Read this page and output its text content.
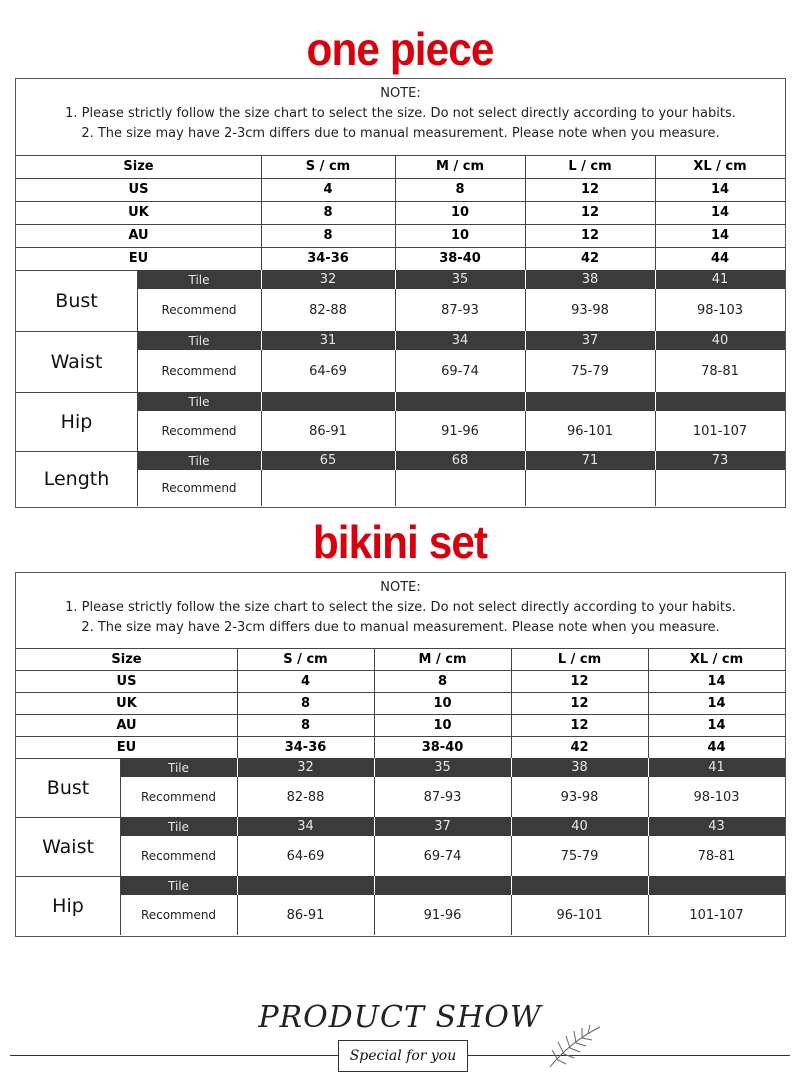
one piece
NOTE:
1. Please strictly follow the size chart to select the size. Do not select directly according to your habits.
2. The size may have 2-3cm differs due to manual measurement. Please note when you measure.
Size	S / cm	M / cm	L / cm	XL / cm
US	4	8	12	14
UK	8	10	12	14
AU	8	10	12	14
EU	34-36	38-40	42	44
Bust
Tile	32	35	38	41
Recommend	82-88	87-93	93-98	98-103
Waist
Tile	31	34	37	40
Recommend	64-69	69-74	75-79	78-81
Hip
Tile
Recommend	86-91	91-96	96-101	101-107
Length
Tile	65	68	71	73
Recommend
bikini set
NOTE:
1. Please strictly follow the size chart to select the size. Do not select directly according to your habits.
2. The size may have 2-3cm differs due to manual measurement. Please note when you measure.
Size	S / cm	M / cm	L / cm	XL / cm
US	4	8	12	14
UK	8	10	12	14
AU	8	10	12	14
EU	34-36	38-40	42	44
Bust
Tile	32	35	38	41
Recommend	82-88	87-93	93-98	98-103
Waist
Tile	34	37	40	43
Recommend	64-69	69-74	75-79	78-81
Hip
Tile
Recommend	86-91	91-96	96-101	101-107
PRODUCT SHOW
Special for you
